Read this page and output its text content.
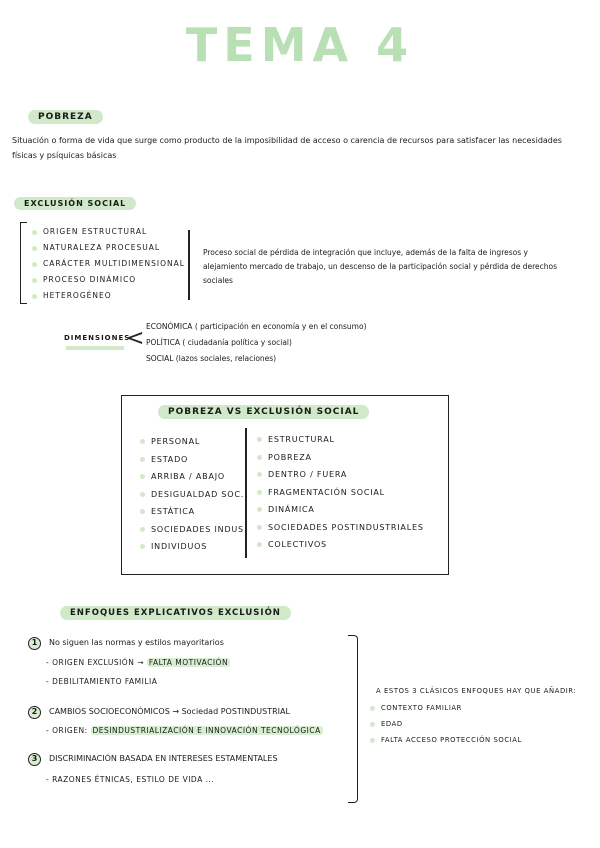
TEMA 4
POBREZA
Situación o forma de vida que surge como producto de la imposibilidad de acceso o carencia de recursos para satisfacer las necesidades físicas y psíquicas básicas
EXCLUSIÓN SOCIAL
ORIGEN ESTRUCTURAL
NATURALEZA PROCESUAL
CARÁCTER MULTIDIMENSIONAL
PROCESO DINÁMICO
HETEROGÉNEO
Proceso social de pérdida de integración que incluye, además de la falta de ingresos y alejamiento mercado de trabajo, un descenso de la participación social y pérdida de derechos sociales
DIMENSIONES
< ECONÓMICA ( participación en economía y en el consumo)
POLÍTICA ( ciudadanía política y social)
SOCIAL (lazos sociales, relaciones)
POBREZA VS EXCLUSIÓN SOCIAL
PERSONAL
ESTADO
ARRIBA / ABAJO
DESIGUALDAD SOC.
ESTÁTICA
SOCIEDADES INDUS.
INDIVIDUOS
ESTRUCTURAL
POBREZA
DENTRO / FUERA
FRAGMENTACIÓN SOCIAL
DINÁMICA
SOCIEDADES POSTINDUSTRIALES
COLECTIVOS
ENFOQUES EXPLICATIVOS EXCLUSIÓN
1 No siguen las normas y estilos mayoritarios
- ORIGEN EXCLUSIÓN → FALTA MOTIVACIÓN
- DEBILITAMIENTO FAMILIA
2 CAMBIOS SOCIOECONÓMICOS → Sociedad POSTINDUSTRIAL
- ORIGEN: DESINDUSTRIALIZACIÓN E INNOVACIÓN TECNOLÓGICA
3 DISCRIMINACIÓN BASADA EN INTERESES ESTAMENTALES
- RAZONES ÉTNICAS, ESTILO DE VIDA ...
A ESTOS 3 CLÁSICOS ENFOQUES HAY QUE AÑADIR:
CONTEXTO FAMILIAR
EDAD
FALTA ACCESO PROTECCIÓN SOCIAL
